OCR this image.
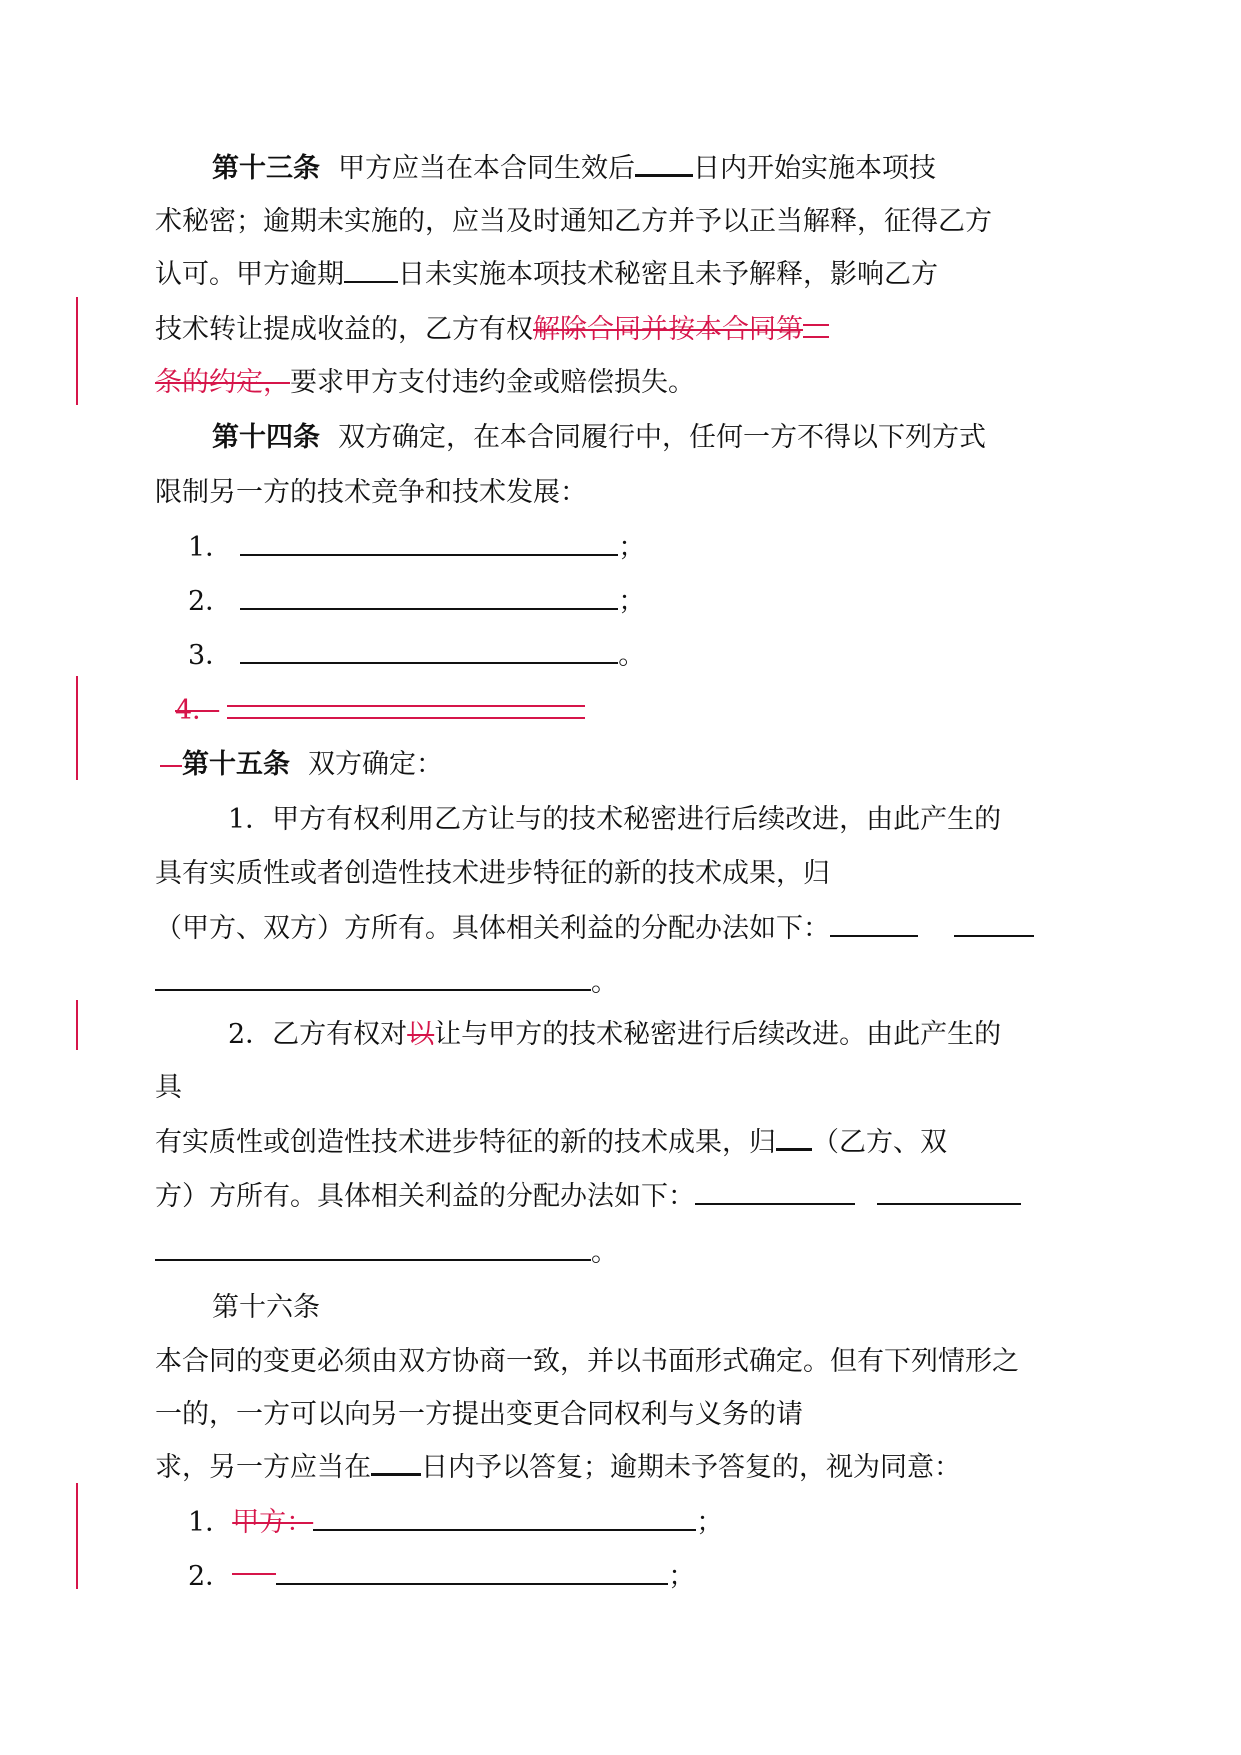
第十三条 甲方应当在本合同生效后 日内开始实施本项技
术秘密；逾期未实施的，应当及时通知乙方并予以正当解释，征得乙方
认可。甲方逾期 日未实施本项技术秘密且未予解释，影响乙方
技术转让提成收益的，乙方有权解除合同并按本合同第
条的约定，要求甲方支付违约金或赔偿损失。
第十四条 双方确定，在本合同履行中，任何一方不得以下列方式
限制另一方的技术竞争和技术发展：
1．	；
2．	；
3．	。
4．
第十五条 双方确定：
1．甲方有权利用乙方让与的技术秘密进行后续改进，由此产生的
具有实质性或者创造性技术进步特征的新的技术成果，归
（甲方、双方）方所有。具体相关利益的分配办法如下：
。
2．乙方有权对以让与甲方的技术秘密进行后续改进。由此产生的
具
有实质性或创造性技术进步特征的新的技术成果，归 （乙方、双
方）方所有。具体相关利益的分配办法如下：
。
第十六条
本合同的变更必须由双方协商一致，并以书面形式确定。但有下列情形之
一的，一方可以向另一方提出变更合同权利与义务的请
求，另一方应当在 日内予以答复；逾期未予答复的，视为同意：
1．甲方：	；
2．	；
